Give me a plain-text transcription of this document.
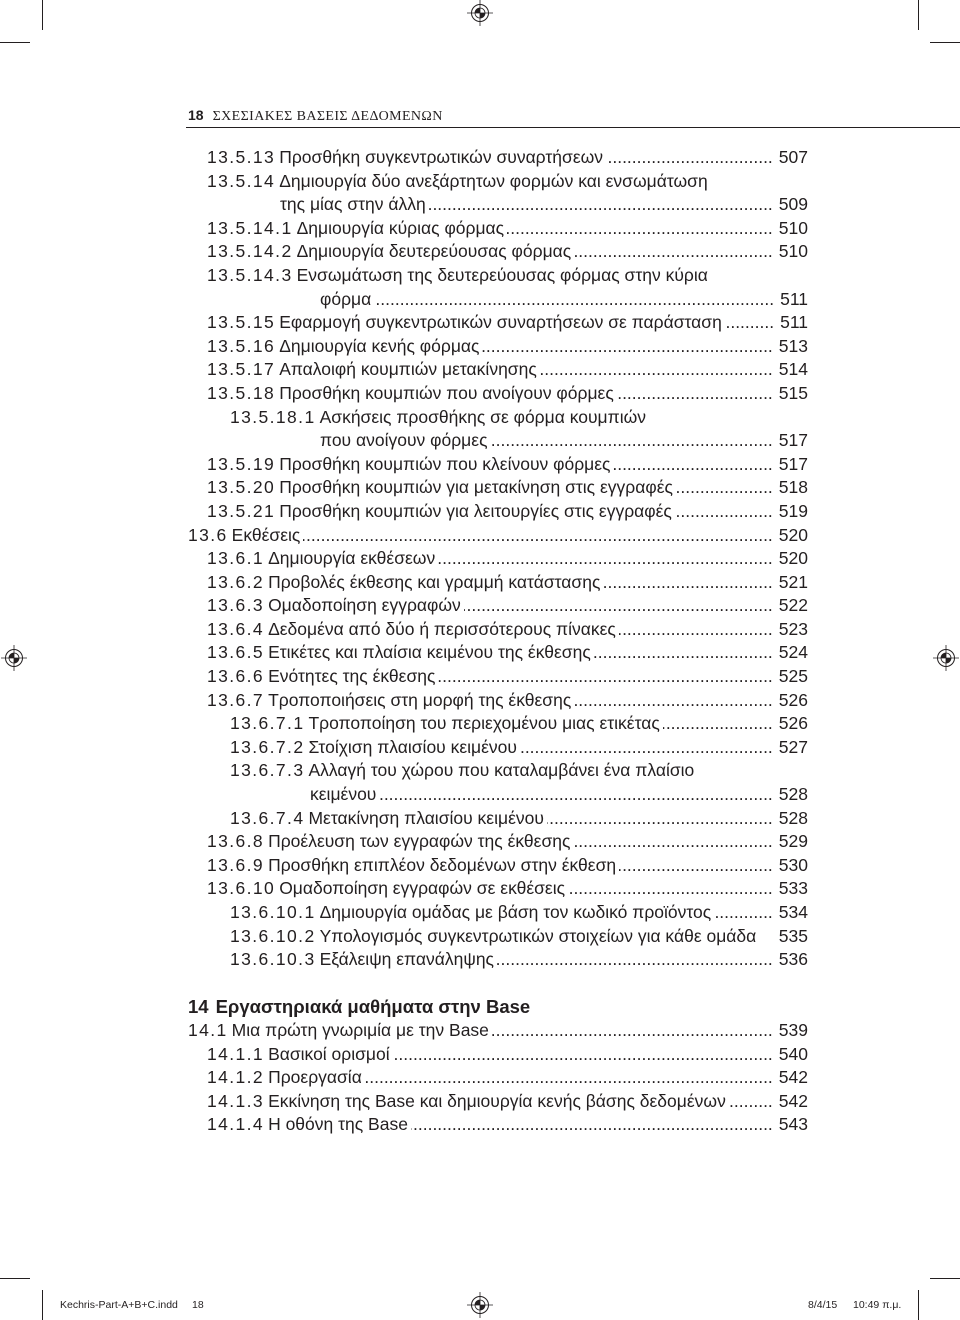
18 ΣΧΕΣΙΑΚΕΣ ΒΑΣΕΙΣ ΔΕΔΟΜΕΝΩΝ
13.5.13 Προσθήκη συγκεντρωτικών συναρτήσεων .....	507
13.5.14 Δημιουργία δύο ανεξάρτητων φορμών και ενσωμάτωση
της μίας στην άλλη .....	509
13.5.14.1 Δημιουργία κύριας φόρμας .....	510
13.5.14.2 Δημιουργία δευτερεύουσας φόρμας .....	510
13.5.14.3 Ενσωμάτωση της δευτερεύουσας φόρμας στην κύρια
φόρμα .....	511
13.5.15 Εφαρμογή συγκεντρωτικών συναρτήσεων σε παράσταση .....	511
13.5.16 Δημιουργία κενής φόρμας .....	513
13.5.17 Απαλοιφή κουμπιών μετακίνησης .....	514
13.5.18 Προσθήκη κουμπιών που ανοίγουν φόρμες .....	515
13.5.18.1 Ασκήσεις προσθήκης σε φόρμα κουμπιών
που ανοίγουν φόρμες .....	517
13.5.19 Προσθήκη κουμπιών που κλείνουν φόρμες .....	517
13.5.20 Προσθήκη κουμπιών για μετακίνηση στις εγγραφές .....	518
13.5.21 Προσθήκη κουμπιών για λειτουργίες στις εγγραφές .....	519
13.6 Εκθέσεις .....	520
13.6.1 Δημιουργία εκθέσεων .....	520
13.6.2 Προβολές έκθεσης και γραμμή κατάστασης .....	521
13.6.3 Ομαδοποίηση εγγραφών .....	522
13.6.4 Δεδομένα από δύο ή περισσότερους πίνακες .....	523
13.6.5 Ετικέτες και πλαίσια κειμένου της έκθεσης .....	524
13.6.6 Ενότητες της έκθεσης .....	525
13.6.7 Τροποποιήσεις στη μορφή της έκθεσης .....	526
13.6.7.1 Τροποποίηση του περιεχομένου μιας ετικέτας .....	526
13.6.7.2 Στοίχιση πλαισίου κειμένου .....	527
13.6.7.3 Αλλαγή του χώρου που καταλαμβάνει ένα πλαίσιο
κειμένου .....	528
13.6.7.4 Μετακίνηση πλαισίου κειμένου .....	528
13.6.8 Προέλευση των εγγραφών της έκθεσης .....	529
13.6.9 Προσθήκη επιπλέον δεδομένων στην έκθεση .....	530
13.6.10 Ομαδοποίηση εγγραφών σε εκθέσεις .....	533
13.6.10.1 Δημιουργία ομάδας με βάση τον κωδικό προϊόντος .....	534
13.6.10.2 Υπολογισμός συγκεντρωτικών στοιχείων για κάθε ομάδα 535
13.6.10.3 Εξάλειψη επανάληψης .....	536
14 Εργαστηριακά μαθήματα στην Base
14.1 Μια πρώτη γνωριμία με την Base .....	539
14.1.1 Βασικοί ορισμοί .....	540
14.1.2 Προεργασία .....	542
14.1.3 Εκκίνηση της Base και δημιουργία κενής βάσης δεδομένων .....	542
14.1.4 Η οθόνη της Base .....	543
Kechris-Part-A+B+C.indd 18	8/4/15 10:49 π.μ.
